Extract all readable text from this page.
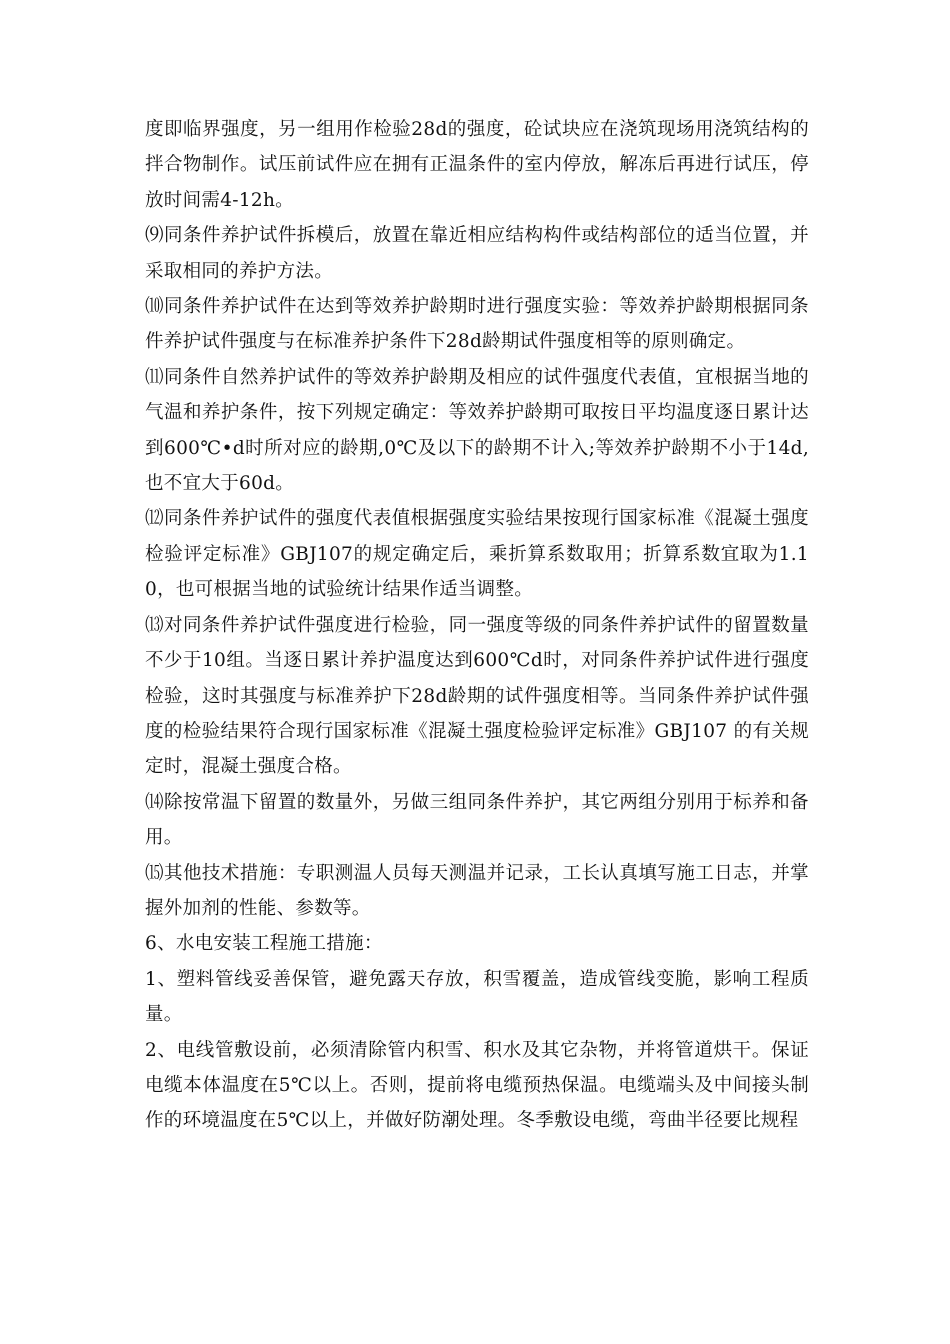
度即临界强度，另一组用作检验28d的强度，砼试块应在浇筑现场用浇筑结构的拌合物制作。试压前试件应在拥有正温条件的室内停放，解冻后再进行试压，停放时间需4-12h。

⑼同条件养护试件拆模后，放置在靠近相应结构构件或结构部位的适当位置，并采取相同的养护方法。

⑽同条件养护试件在达到等效养护龄期时进行强度实验：等效养护龄期根据同条件养护试件强度与在标准养护条件下28d龄期试件强度相等的原则确定。

⑾同条件自然养护试件的等效养护龄期及相应的试件强度代表值，宜根据当地的气温和养护条件，按下列规定确定：等效养护龄期可取按日平均温度逐日累计达到600℃•d时所对应的龄期,0℃及以下的龄期不计入;等效养护龄期不小于14d,也不宜大于60d。

⑿同条件养护试件的强度代表值根据强度实验结果按现行国家标准《混凝土强度检验评定标准》GBJ107的规定确定后，乘折算系数取用；折算系数宜取为1.10，也可根据当地的试验统计结果作适当调整。

⒀对同条件养护试件强度进行检验，同一强度等级的同条件养护试件的留置数量不少于10组。当逐日累计养护温度达到600℃d时，对同条件养护试件进行强度检验，这时其强度与标准养护下28d龄期的试件强度相等。当同条件养护试件强度的检验结果符合现行国家标准《混凝土强度检验评定标准》GBJ107 的有关规定时，混凝土强度合格。

⒁除按常温下留置的数量外，另做三组同条件养护，其它两组分别用于标养和备用。

⒂其他技术措施：专职测温人员每天测温并记录，工长认真填写施工日志，并掌握外加剂的性能、参数等。

6、水电安装工程施工措施：

1、塑料管线妥善保管，避免露天存放，积雪覆盖，造成管线变脆，影响工程质量。

2、电线管敷设前，必须清除管内积雪、积水及其它杂物，并将管道烘干。保证电缆本体温度在5℃以上。否则，提前将电缆预热保温。电缆端头及中间接头制作的环境温度在5℃以上，并做好防潮处理。冬季敷设电缆，弯曲半径要比规程
